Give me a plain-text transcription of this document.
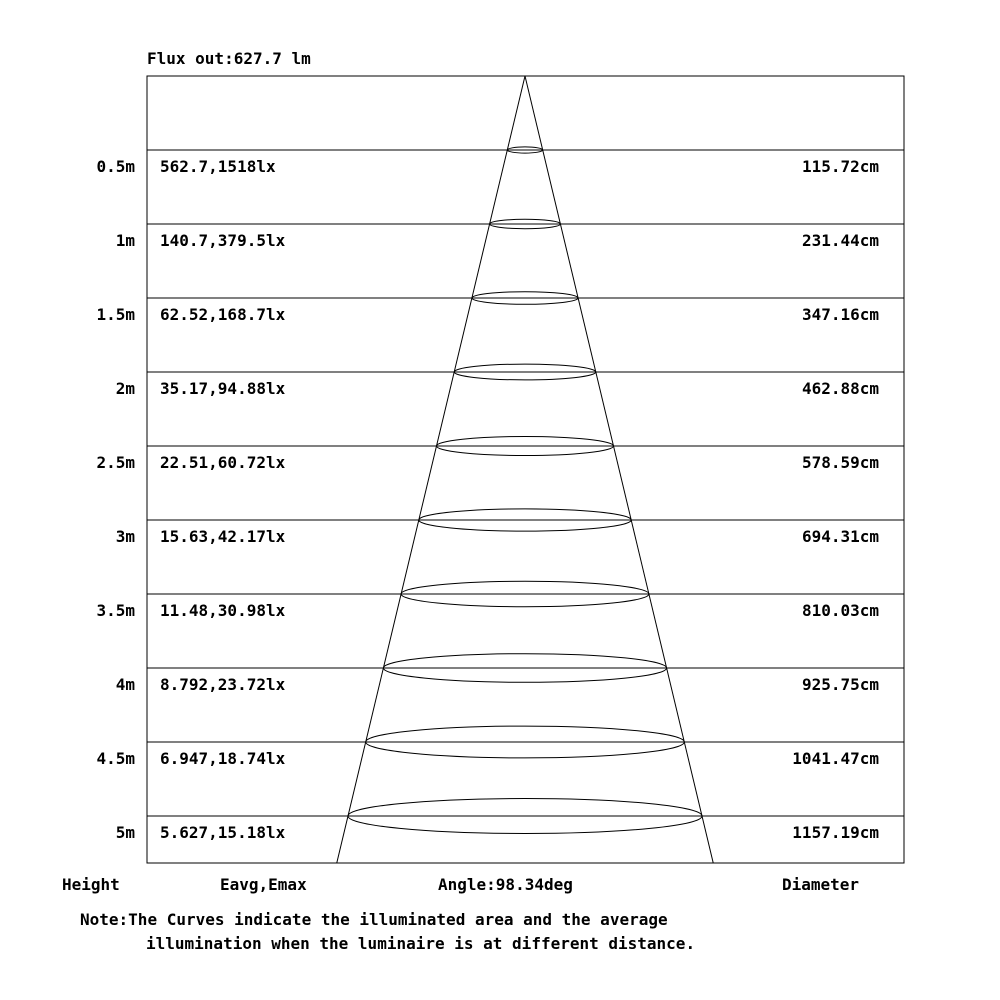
Flux out:627.7 lm
0.5m 562.7,1518lx	115.72cm
1m 140.7,379.5lx	231.44cm
1.5m 62.52,168.7lx	347.16cm
2m 35.17,94.88lx	462.88cm
2.5m 22.51,60.72lx	578.59cm
3m 15.63,42.17lx	694.31cm
3.5m 11.48,30.98lx	810.03cm
4m 8.792,23.72lx	925.75cm
4.5m 6.947,18.74lx	1041.47cm
5m 5.627,15.18lx	1157.19cm
Height	Eavg,Emax	Angle:98.34deg	Diameter
Note:The Curves indicate the illuminated area and the average
illumination when the luminaire is at different distance.
